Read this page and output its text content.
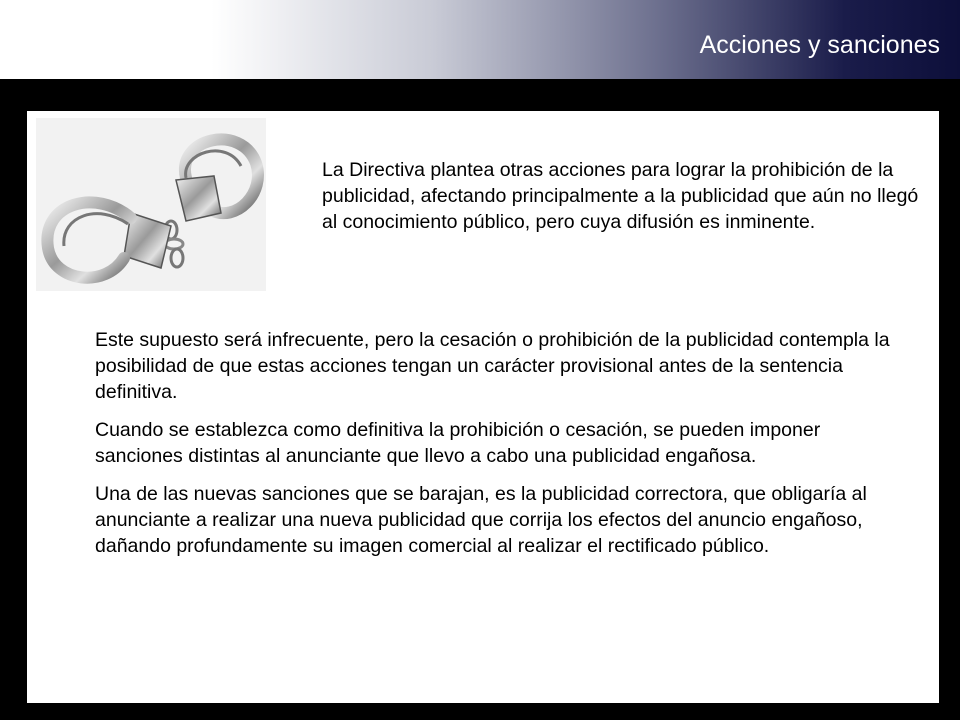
Acciones y sanciones

La Directiva plantea otras acciones para lograr la prohibición de la publicidad, afectando principalmente a la publicidad que aún no llegó al conocimiento público, pero cuya difusión es inminente.

Este supuesto será infrecuente, pero la cesación o prohibición de la publicidad contempla la posibilidad de que estas acciones tengan un carácter provisional antes de la sentencia definitiva.

Cuando se establezca como definitiva la prohibición o cesación, se pueden imponer sanciones distintas al anunciante que llevo a cabo una publicidad engañosa.

Una de las nuevas sanciones que se barajan, es la publicidad correctora, que obligaría al anunciante a realizar una nueva publicidad que corrija los efectos del anuncio engañoso, dañando profundamente su imagen comercial al realizar el rectificado público.
